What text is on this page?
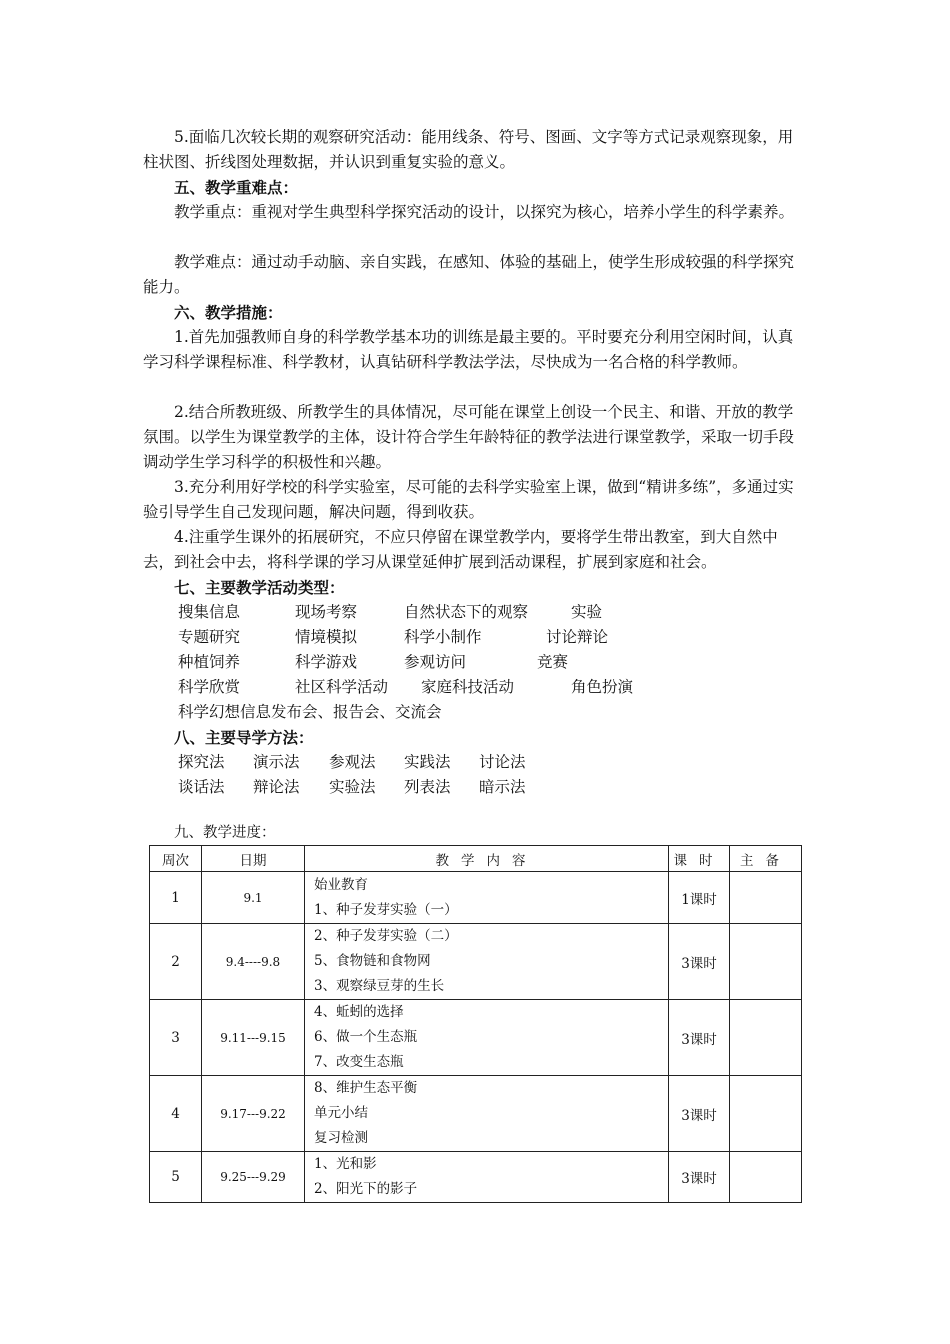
5.面临几次较长期的观察研究活动：能用线条、符号、图画、文字等方式记录观察现象，用柱状图、折线图处理数据，并认识到重复实验的意义。

五、教学重难点：

教学重点：重视对学生典型科学探究活动的设计，以探究为核心，培养小学生的科学素养。

教学难点：通过动手动脑、亲自实践，在感知、体验的基础上，使学生形成较强的科学探究能力。

六、教学措施：

1.首先加强教师自身的科学教学基本功的训练是最主要的。平时要充分利用空闲时间，认真学习科学课程标准、科学教材，认真钻研科学教法学法，尽快成为一名合格的科学教师。

2.结合所教班级、所教学生的具体情况，尽可能在课堂上创设一个民主、和谐、开放的教学氛围。以学生为课堂教学的主体，设计符合学生年龄特征的教学法进行课堂教学，采取一切手段调动学生学习科学的积极性和兴趣。

3.充分利用好学校的科学实验室，尽可能的去科学实验室上课，做到“精讲多练”，多通过实验引导学生自己发现问题，解决问题，得到收获。

4.注重学生课外的拓展研究，不应只停留在课堂教学内，要将学生带出教室，到大自然中去，到社会中去，将科学课的学习从课堂延伸扩展到活动课程，扩展到家庭和社会。

七、主要教学活动类型：

搜集信息	现场考察	自然状态下的观察	实验
专题研究	情境模拟	科学小制作	讨论辩论
种植饲养	科学游戏	参观访问	竞赛
科学欣赏	社区科学活动 家庭科技活动	角色扮演
科学幻想信息发布会、报告会、交流会

八、主要导学方法：

探究法 演示法 参观法 实践法 讨论法
谈话法 辩论法 实验法 列表法 暗示法
九、教学进度：
周次	日期	教学内容	课时	主备
1	9.1	始业教育
1、种子发芽实验（一）	1课时	
2	9.4----9.8	2、种子发芽实验（二）
5、食物链和食物网
3、观察绿豆芽的生长	3课时	
3	9.11---9.15	4、蚯蚓的选择
6、做一个生态瓶
7、改变生态瓶	3课时	
4	9.17---9.22	8、维护生态平衡
单元小结
复习检测	3课时	
5	9.25---9.29	1、光和影
2、阳光下的影子	3课时	
